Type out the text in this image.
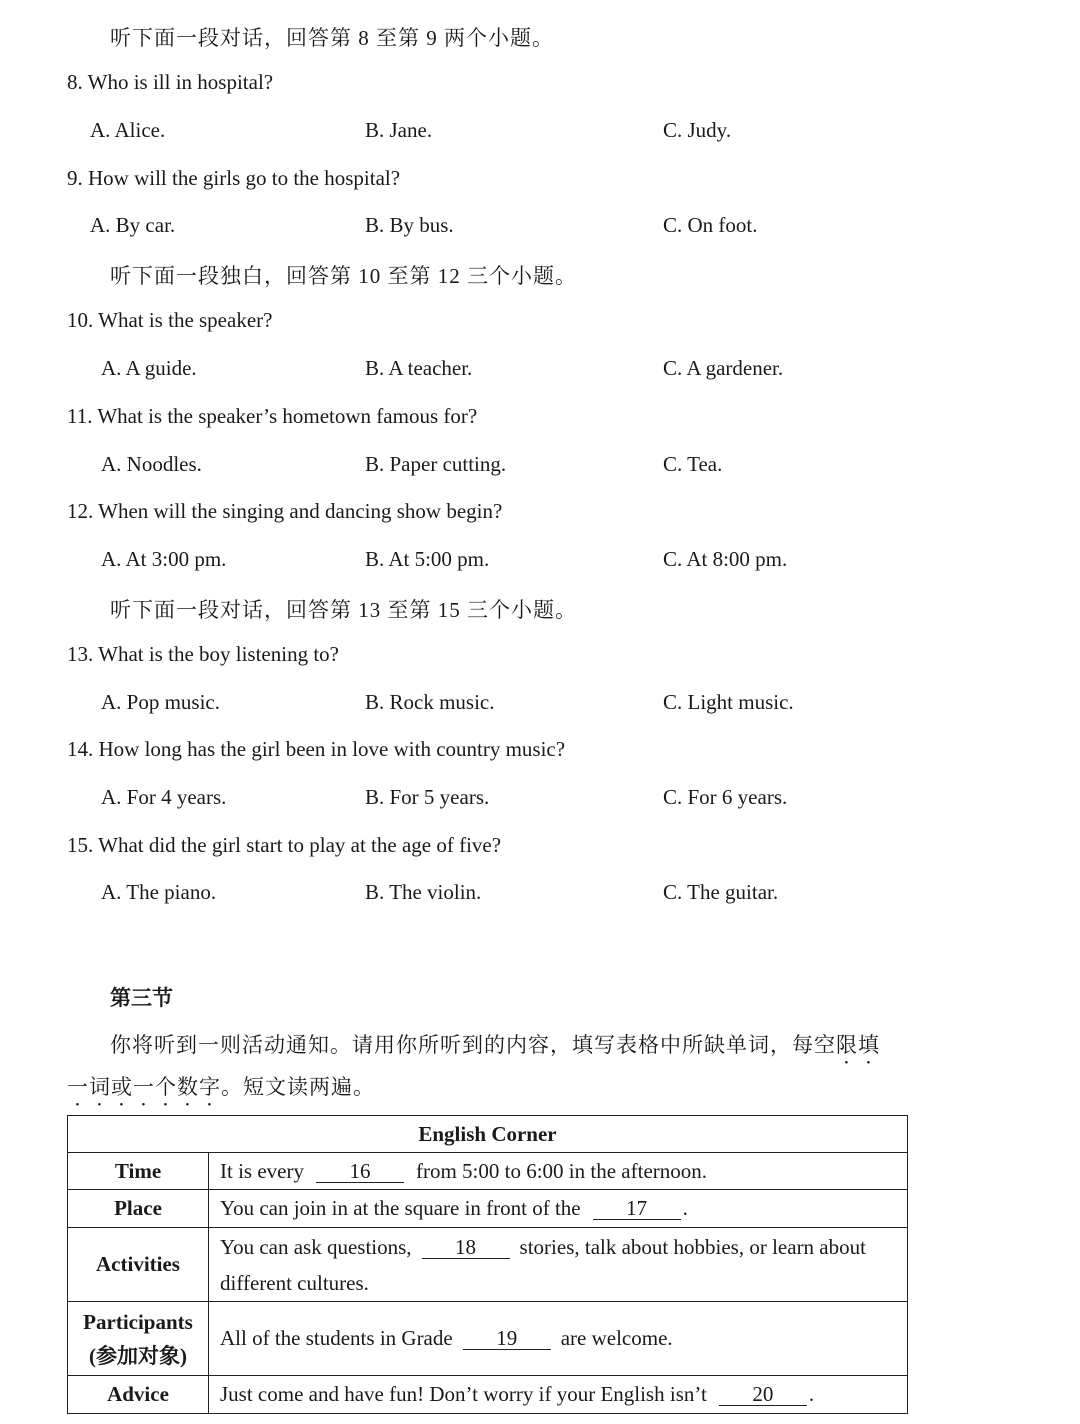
听下面一段对话，回答第 8 至第 9 两个小题。
8. Who is ill in hospital?
A. Alice.	B. Jane.	C. Judy.
9. How will the girls go to the hospital?
A. By car.	B. By bus.	C. On foot.
听下面一段独白，回答第 10 至第 12 三个小题。
10. What is the speaker?
A. A guide.	B. A teacher.	C. A gardener.
11. What is the speaker’s hometown famous for?
A. Noodles.	B. Paper cutting.	C. Tea.
12. When will the singing and dancing show begin?
A. At 3:00 pm.	B. At 5:00 pm.	C. At 8:00 pm.
听下面一段对话，回答第 13 至第 15 三个小题。
13. What is the boy listening to?
A. Pop music.	B. Rock music.	C. Light music.
14. How long has the girl been in love with country music?
A. For 4 years.	B. For 5 years.	C. For 6 years.
15. What did the girl start to play at the age of five?
A. The piano.	B. The violin.	C. The guitar.
第三节
你将听到一则活动通知。请用你所听到的内容，填写表格中所缺单词，每空限填一词或一个数字。短文读两遍。
English Corner	
Time	It is every 16 from 5:00 to 6:00 in the afternoon.
Place	You can join in at the square in front of the 17 .
Activities	You can ask questions, 18 stories, talk about hobbies, or learn about
different cultures.
Participants
(参加对象)	All of the students in Grade 19 are welcome.
Advice	Just come and have fun! Don’t worry if your English isn’t 20 .
